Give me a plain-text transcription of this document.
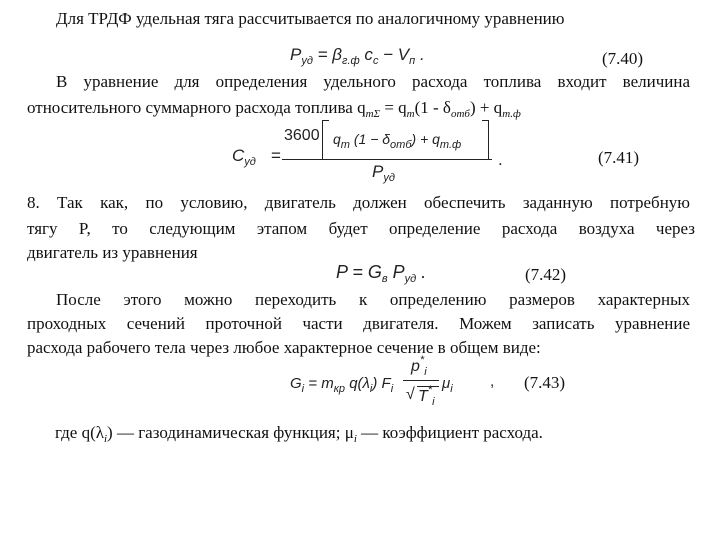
Для ТРДФ удельная тяга рассчитывается по аналогичному уравнению
$P_{уд} = \beta_{г.ф}$ $c_с - V_п$ .	(7.40)
В уравнение для определения удельного расхода топлива входит величина
относительного суммарного расхода топлива $q_{т\Sigma} = q_т(1 - \delta_{отб}) + q_{т.ф}$
$C_{уд}$ =
3600 $q_т$ $(1 - \delta_{отб}) + q_{т.ф}$
$P_{уд}$
.	(7.41)
8. Так как, по условию, двигатель должен обеспечить заданную потребную
тягу P, то следующим этапом будет определение расхода воздуха через
двигатель из уравнения
$P = G_в$ $P_{уд}$ .	(7.42)
После этого можно переходить к определению размеров характерных
проходных сечений проточной части двигателя. Можем записать уравнение
расхода рабочего тела через любое характерное сечение в общем виде:
$G_i = m_{кр}$ $q(\lambda_i)$ $F_i$
$p^*_i$
√ $T^*_i$
$\mu_i$ , (7.43)
где $q(\lambda_i)$ — газодинамическая функция; $\mu_i$ — коэффициент расхода.
